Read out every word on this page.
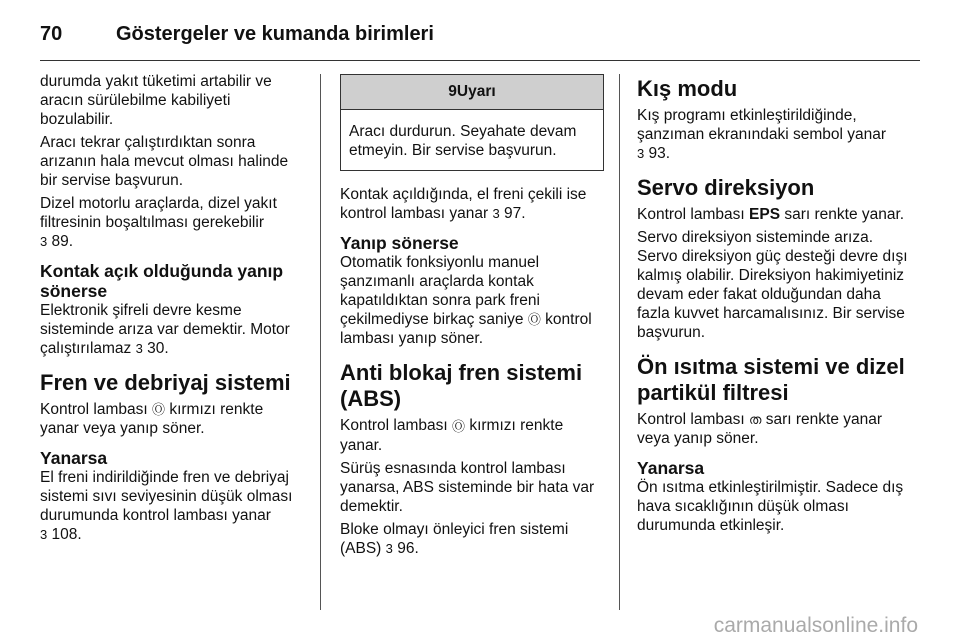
70	Göstergeler ve kumanda birimleri

durumda yakıt tüketimi artabilir ve aracın sürülebilme kabiliyeti bozulabilir.

Aracı tekrar çalıştırdıktan sonra arızanın hala mevcut olması halinde bir servise başvurun.

Dizel motorlu araçlarda, dizel yakıt filtresinin boşaltılması gerekebilir
3 89.

Kontak açık olduğunda yanıp sönerse

Elektronik şifreli devre kesme sisteminde arıza var demektir. Motor çalıştırılamaz 3 30.

Fren ve debriyaj sistemi

Kontrol lambası Ⓞ kırmızı renkte yanar veya yanıp söner.

Yanarsa

El freni indirildiğinde fren ve debriyaj sistemi sıvı seviyesinin düşük olması durumunda kontrol lambası yanar
3 108.

9Uyarı
Aracı durdurun. Seyahate devam etmeyin. Bir servise başvurun.

Kontak açıldığında, el freni çekili ise kontrol lambası yanar 3 97.

Yanıp sönerse

Otomatik fonksiyonlu manuel şanzımanlı araçlarda kontak kapatıldıktan sonra park freni çekilmediyse birkaç saniye Ⓞ kontrol lambası yanıp söner.

Anti blokaj fren sistemi (ABS)

Kontrol lambası Ⓞ kırmızı renkte yanar.

Sürüş esnasında kontrol lambası yanarsa, ABS sisteminde bir hata var demektir.

Bloke olmayı önleyici fren sistemi (ABS) 3 96.

Kış modu

Kış programı etkinleştirildiğinde, şanzıman ekranındaki sembol yanar
3 93.

Servo direksiyon

Kontrol lambası EPS sarı renkte yanar.

Servo direksiyon sisteminde arıza. Servo direksiyon güç desteği devre dışı kalmış olabilir. Direksiyon hakimiyetiniz devam eder fakat olduğundan daha fazla kuvvet harcamalısınız. Bir servise başvurun.

Ön ısıtma sistemi ve dizel partikül filtresi

Kontrol lambası ത sarı renkte yanar veya yanıp söner.

Yanarsa

Ön ısıtma etkinleştirilmiştir. Sadece dış hava sıcaklığının düşük olması durumunda etkinleşir.

carmanualsonline.info
